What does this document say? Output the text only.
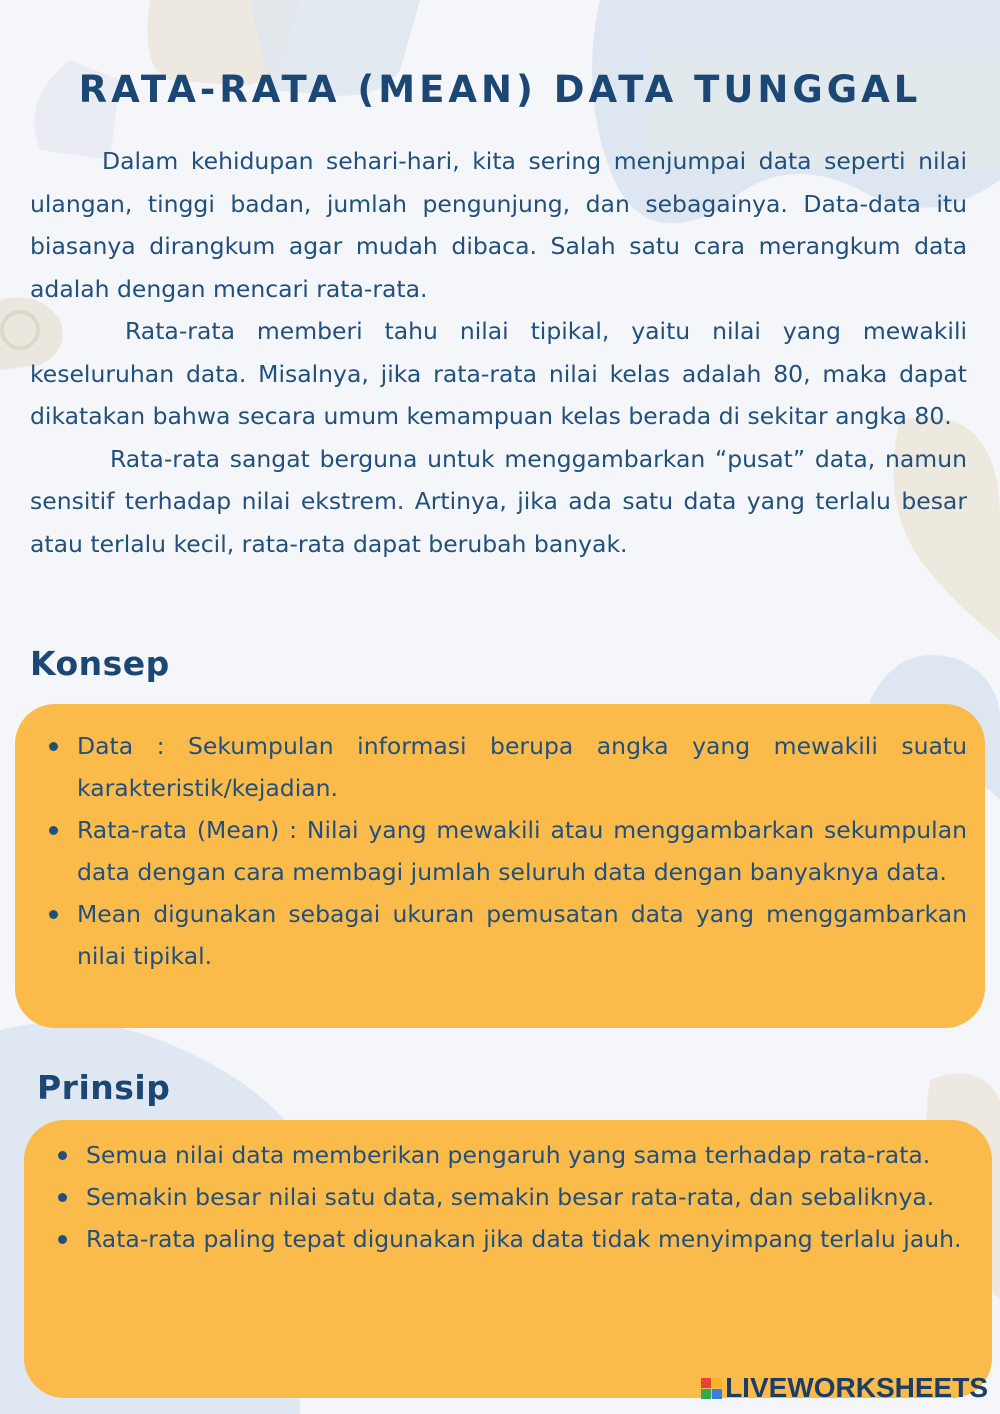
RATA-RATA (MEAN) DATA TUNGGAL

Dalam kehidupan sehari-hari, kita sering menjumpai data seperti nilai ulangan, tinggi badan, jumlah pengunjung, dan sebagainya. Data-data itu biasanya dirangkum agar mudah dibaca. Salah satu cara merangkum data adalah dengan mencari rata-rata.

Rata-rata memberi tahu nilai tipikal, yaitu nilai yang mewakili keseluruhan data. Misalnya, jika rata-rata nilai kelas adalah 80, maka dapat dikatakan bahwa secara umum kemampuan kelas berada di sekitar angka 80.

Rata-rata sangat berguna untuk menggambarkan “pusat” data, namun sensitif terhadap nilai ekstrem. Artinya, jika ada satu data yang terlalu besar atau terlalu kecil, rata-rata dapat berubah banyak.

Konsep
Data : Sekumpulan informasi berupa angka yang mewakili suatu karakteristik/kejadian.
Rata-rata (Mean) : Nilai yang mewakili atau menggambarkan sekumpulan data dengan cara membagi jumlah seluruh data dengan banyaknya data.
Mean digunakan sebagai ukuran pemusatan data yang menggambarkan nilai tipikal.
Prinsip
Semua nilai data memberikan pengaruh yang sama terhadap rata-rata.
Semakin besar nilai satu data, semakin besar rata-rata, dan sebaliknya.
Rata-rata paling tepat digunakan jika data tidak menyimpang terlalu jauh.
LIVEWORKSHEETS
